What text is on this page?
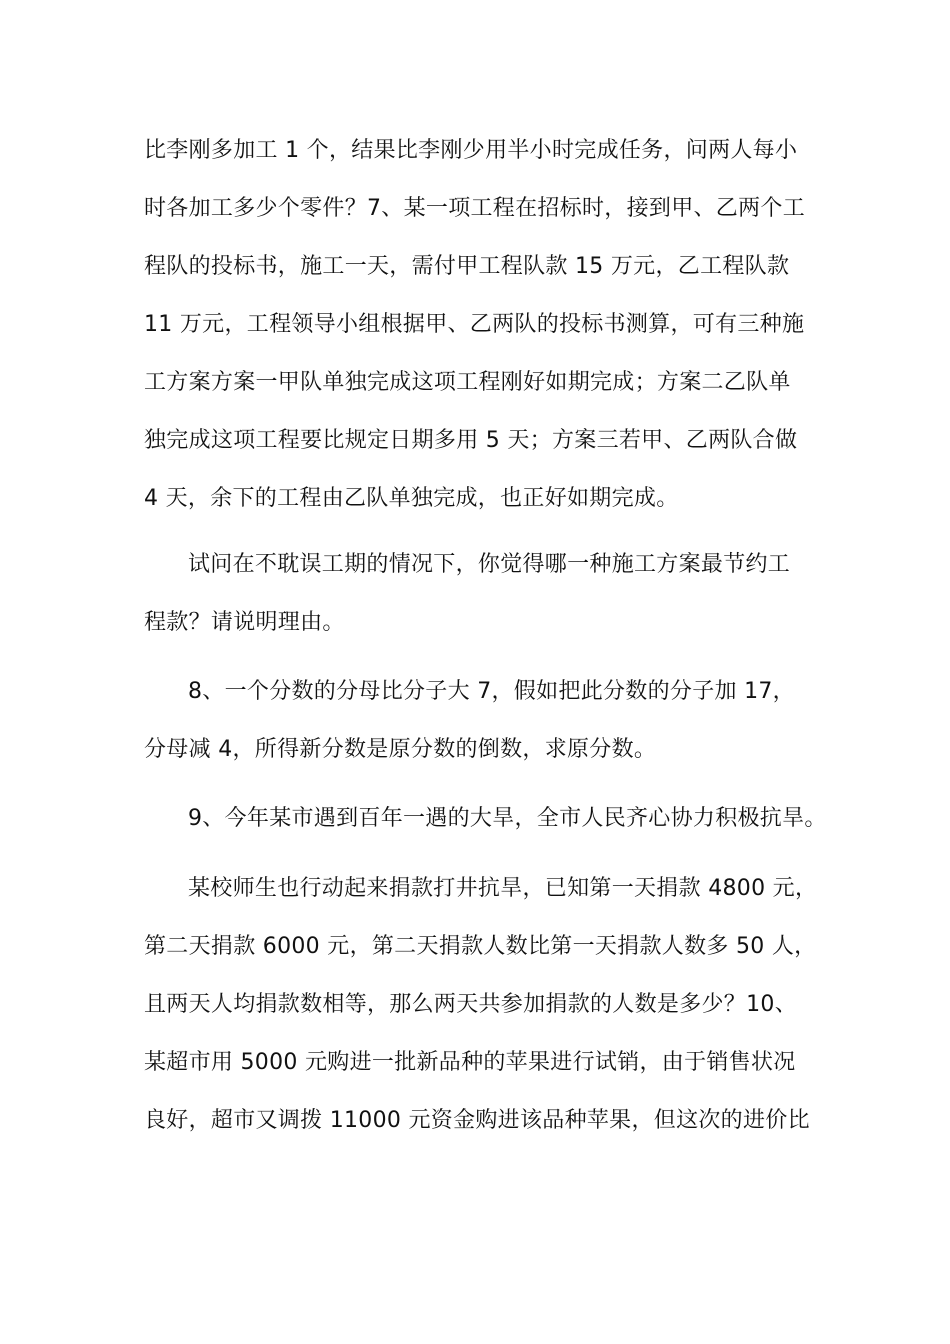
比李刚多加工 1 个，结果比李刚少用半小时完成任务，问两人每小
时各加工多少个零件？7、某一项工程在招标时，接到甲、乙两个工
程队的投标书，施工一天，需付甲工程队款 15 万元，乙工程队款
11 万元，工程领导小组根据甲、乙两队的投标书测算，可有三种施
工方案方案一甲队单独完成这项工程刚好如期完成；方案二乙队单
独完成这项工程要比规定日期多用 5 天；方案三若甲、乙两队合做
4 天，余下的工程由乙队单独完成，也正好如期完成。
试问在不耽误工期的情况下，你觉得哪一种施工方案最节约工
程款？请说明理由。
8、一个分数的分母比分子大 7，假如把此分数的分子加 17，
分母减 4，所得新分数是原分数的倒数，求原分数。
9、今年某市遇到百年一遇的大旱，全市人民齐心协力积极抗旱。
某校师生也行动起来捐款打井抗旱，已知第一天捐款 4800 元，
第二天捐款 6000 元，第二天捐款人数比第一天捐款人数多 50 人，
且两天人均捐款数相等，那么两天共参加捐款的人数是多少？10、
某超市用 5000 元购进一批新品种的苹果进行试销，由于销售状况
良好，超市又调拨 11000 元资金购进该品种苹果，但这次的进价比
